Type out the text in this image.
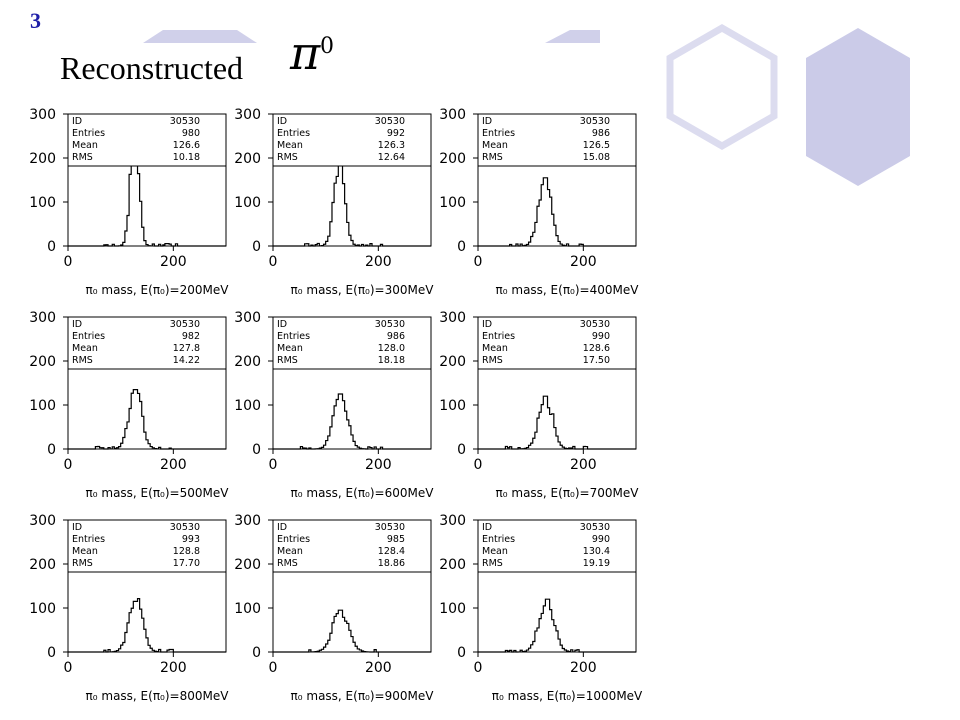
3
Reconstructed π 0
0
100
200
300
0	200
ID	30530
Entries	980
Mean	126.6
RMS	10.18
π₀ mass, E(π₀)=200MeV
0
100
200
300
0	200
ID	30530
Entries	992
Mean	126.3
RMS	12.64
π₀ mass, E(π₀)=300MeV
0
100
200
300
0	200
ID	30530
Entries	986
Mean	126.5
RMS	15.08
π₀ mass, E(π₀)=400MeV
0
100
200
300
0	200
ID	30530
Entries	982
Mean	127.8
RMS	14.22
π₀ mass, E(π₀)=500MeV
0
100
200
300
0	200
ID	30530
Entries	986
Mean	128.0
RMS	18.18
π₀ mass, E(π₀)=600MeV
0
100
200
300
0	200
ID	30530
Entries	990
Mean	128.6
RMS	17.50
π₀ mass, E(π₀)=700MeV
0
100
200
300
0	200
ID	30530
Entries	993
Mean	128.8
RMS	17.70
π₀ mass, E(π₀)=800MeV
0
100
200
300
0	200
ID	30530
Entries	985
Mean	128.4
RMS	18.86
π₀ mass, E(π₀)=900MeV
0
100
200
300
0	200
ID	30530
Entries	990
Mean	130.4
RMS	19.19
π₀ mass, E(π₀)=1000MeV
